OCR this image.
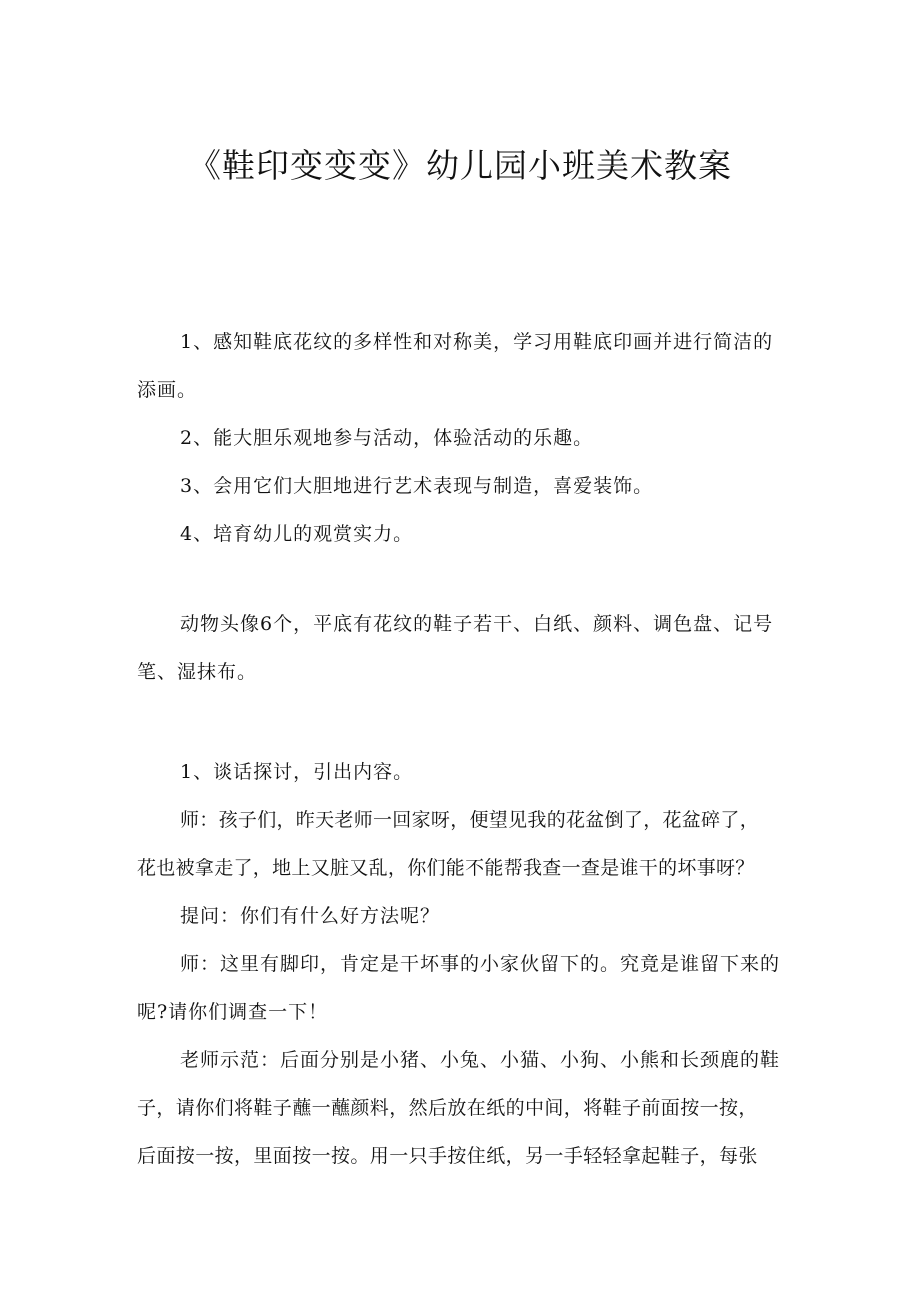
《鞋印变变变》幼儿园小班美术教案
1、感知鞋底花纹的多样性和对称美，学习用鞋底印画并进行简洁的
添画。
2、能大胆乐观地参与活动，体验活动的乐趣。
3、会用它们大胆地进行艺术表现与制造，喜爱装饰。
4、培育幼儿的观赏实力。
动物头像6个，平底有花纹的鞋子若干、白纸、颜料、调色盘、记号
笔、湿抹布。
1、谈话探讨，引出内容。
师：孩子们，昨天老师一回家呀，便望见我的花盆倒了，花盆碎了，
花也被拿走了，地上又脏又乱，你们能不能帮我查一查是谁干的坏事呀？
提问：你们有什么好方法呢？
师：这里有脚印，肯定是干坏事的小家伙留下的。究竟是谁留下来的
呢?请你们调查一下！
老师示范：后面分别是小猪、小兔、小猫、小狗、小熊和长颈鹿的鞋
子，请你们将鞋子蘸一蘸颜料，然后放在纸的中间，将鞋子前面按一按，
后面按一按，里面按一按。用一只手按住纸，另一手轻轻拿起鞋子，每张
